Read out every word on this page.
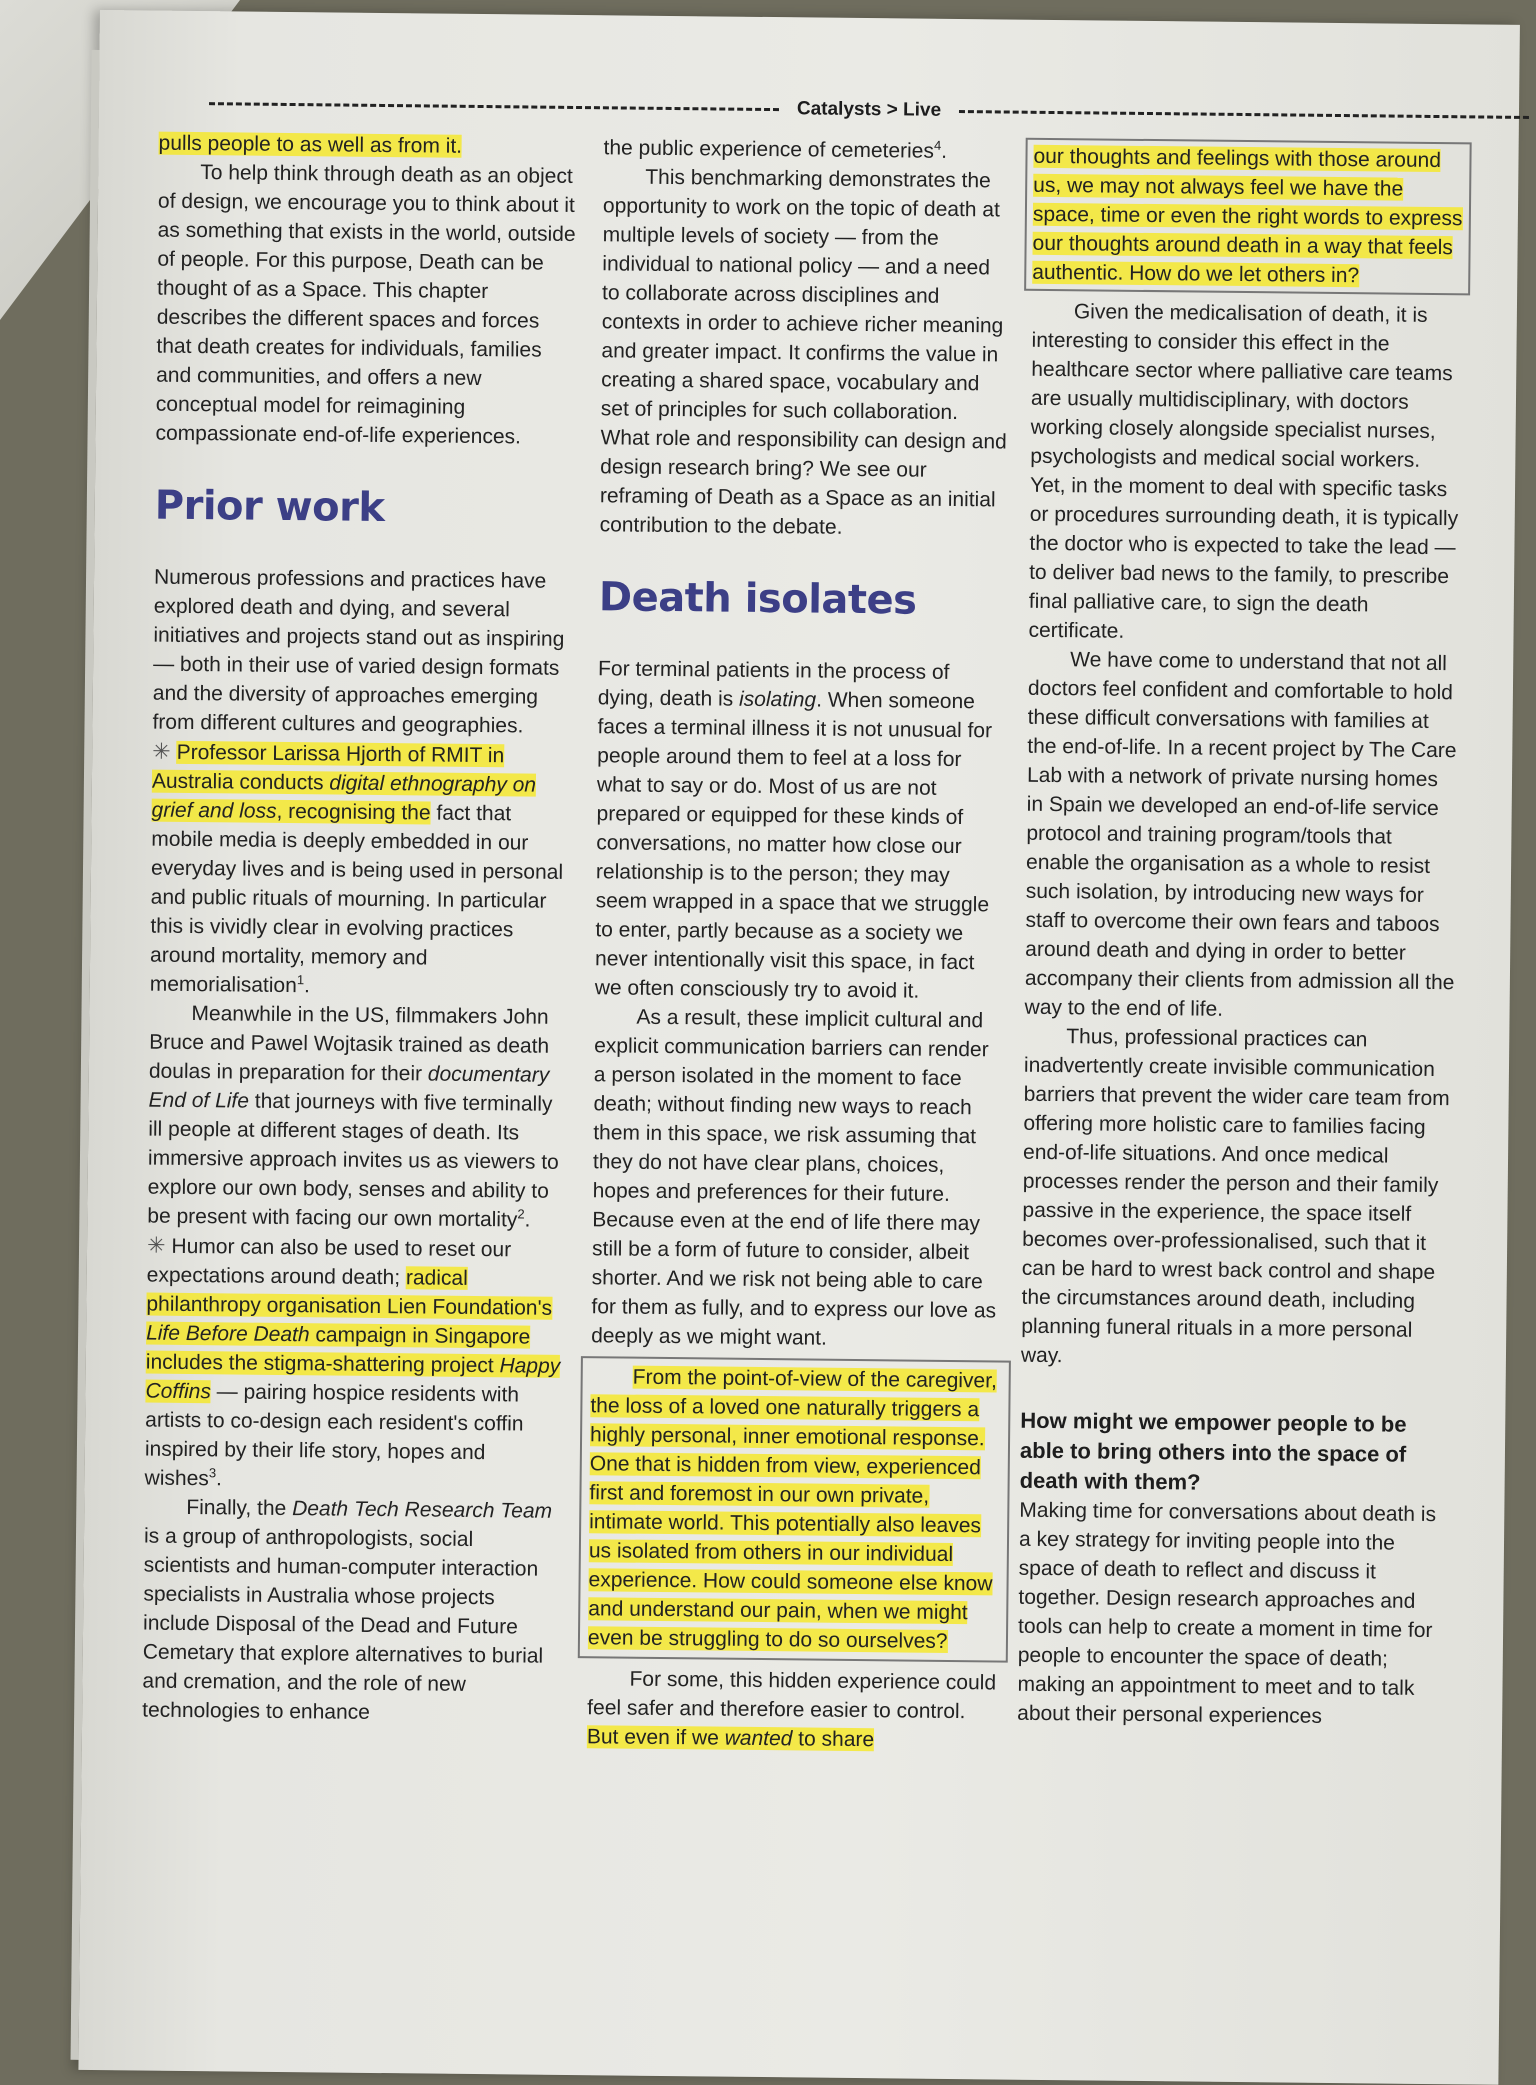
Catalysts > Live

pulls people to as well as from it.

To help think through death as an object of design, we encourage you to think about it as something that exists in the world, outside of people. For this purpose, Death can be thought of as a Space. This chapter describes the different spaces and forces that death creates for individuals, families and communities, and offers a new conceptual model for reimagining compassionate end-of-life experiences.

Prior work

Numerous professions and practices have explored death and dying, and several initiatives and projects stand out as inspiring — both in their use of varied design formats and the diversity of approaches emerging from different cultures and geographies.

✳ Professor Larissa Hjorth of RMIT in Australia conducts digital ethnography on grief and loss, recognising the fact that mobile media is deeply embedded in our everyday lives and is being used in personal and public rituals of mourning. In particular this is vividly clear in evolving practices around mortality, memory and memorialisation$^1$.

Meanwhile in the US, filmmakers John Bruce and Pawel Wojtasik trained as death doulas in preparation for their documentary End of Life that journeys with five terminally ill people at different stages of death. Its immersive approach invites us as viewers to explore our own body, senses and ability to be present with facing our own mortality$^2$.

✳ Humor can also be used to reset our expectations around death; radical philanthropy organisation Lien Foundation's Life Before Death campaign in Singapore includes the stigma-shattering project Happy Coffins — pairing hospice residents with artists to co-design each resident's coffin inspired by their life story, hopes and wishes$^3$.

Finally, the Death Tech Research Team is a group of anthropologists, social scientists and human-computer interaction specialists in Australia whose projects include Disposal of the Dead and Future Cemetary that explore alternatives to burial and cremation, and the role of new technologies to enhance

the public experience of cemeteries$^4$.

This benchmarking demonstrates the opportunity to work on the topic of death at multiple levels of society — from the individual to national policy — and a need to collaborate across disciplines and contexts in order to achieve richer meaning and greater impact. It confirms the value in creating a shared space, vocabulary and set of principles for such collaboration. What role and responsibility can design and design research bring? We see our reframing of Death as a Space as an initial contribution to the debate.

Death isolates

For terminal patients in the process of dying, death is isolating. When someone faces a terminal illness it is not unusual for people around them to feel at a loss for what to say or do. Most of us are not prepared or equipped for these kinds of conversations, no matter how close our relationship is to the person; they may seem wrapped in a space that we struggle to enter, partly because as a society we never intentionally visit this space, in fact we often consciously try to avoid it.

As a result, these implicit cultural and explicit communication barriers can render a person isolated in the moment to face death; without finding new ways to reach them in this space, we risk assuming that they do not have clear plans, choices, hopes and preferences for their future. Because even at the end of life there may still be a form of future to consider, albeit shorter. And we risk not being able to care for them as fully, and to express our love as deeply as we might want.

From the point-of-view of the caregiver, the loss of a loved one naturally triggers a highly personal, inner emotional response. One that is hidden from view, experienced first and foremost in our own private, intimate world. This potentially also leaves us isolated from others in our individual experience. How could someone else know and understand our pain, when we might even be struggling to do so ourselves?

For some, this hidden experience could feel safer and therefore easier to control. But even if we wanted to share

our thoughts and feelings with those around us, we may not always feel we have the space, time or even the right words to express our thoughts around death in a way that feels authentic. How do we let others in?

Given the medicalisation of death, it is interesting to consider this effect in the healthcare sector where palliative care teams are usually multidisciplinary, with doctors working closely alongside specialist nurses, psychologists and medical social workers. Yet, in the moment to deal with specific tasks or procedures surrounding death, it is typically the doctor who is expected to take the lead — to deliver bad news to the family, to prescribe final palliative care, to sign the death certificate.

We have come to understand that not all doctors feel confident and comfortable to hold these difficult conversations with families at the end-of-life. In a recent project by The Care Lab with a network of private nursing homes in Spain we developed an end-of-life service protocol and training program/tools that enable the organisation as a whole to resist such isolation, by introducing new ways for staff to overcome their own fears and taboos around death and dying in order to better accompany their clients from admission all the way to the end of life.

Thus, professional practices can inadvertently create invisible communication barriers that prevent the wider care team from offering more holistic care to families facing end-of-life situations. And once medical processes render the person and their family passive in the experience, the space itself becomes over-professionalised, such that it can be hard to wrest back control and shape the circumstances around death, including planning funeral rituals in a more personal way.

How might we empower people to be able to bring others into the space of death with them?

Making time for conversations about death is a key strategy for inviting people into the space of death to reflect and discuss it together. Design research approaches and tools can help to create a moment in time for people to encounter the space of death; making an appointment to meet and to talk about their personal experiences
